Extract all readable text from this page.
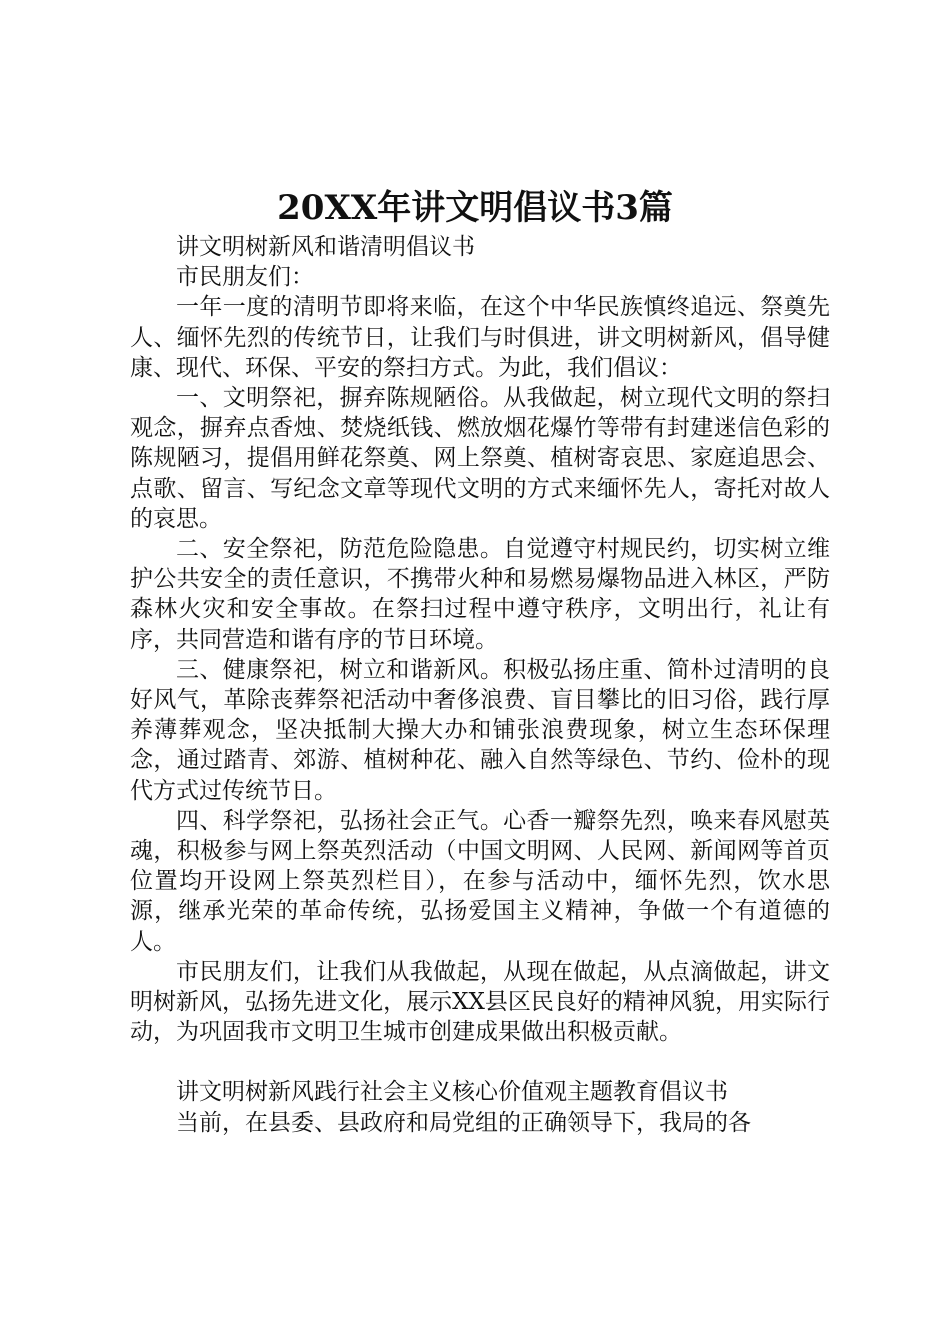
20XX年讲文明倡议书3篇

讲文明树新风和谐清明倡议书

市民朋友们：

一年一度的清明节即将来临，在这个中华民族慎终追远、祭奠先人、缅怀先烈的传统节日，让我们与时俱进，讲文明树新风，倡导健康、现代、环保、平安的祭扫方式。为此，我们倡议：

一、文明祭祀，摒弃陈规陋俗。从我做起，树立现代文明的祭扫观念，摒弃点香烛、焚烧纸钱、燃放烟花爆竹等带有封建迷信色彩的陈规陋习，提倡用鲜花祭奠、网上祭奠、植树寄哀思、家庭追思会、点歌、留言、写纪念文章等现代文明的方式来缅怀先人，寄托对故人的哀思。

二、安全祭祀，防范危险隐患。自觉遵守村规民约，切实树立维护公共安全的责任意识，不携带火种和易燃易爆物品进入林区，严防森林火灾和安全事故。在祭扫过程中遵守秩序，文明出行，礼让有序，共同营造和谐有序的节日环境。

三、健康祭祀，树立和谐新风。积极弘扬庄重、简朴过清明的良好风气，革除丧葬祭祀活动中奢侈浪费、盲目攀比的旧习俗，践行厚养薄葬观念，坚决抵制大操大办和铺张浪费现象，树立生态环保理念，通过踏青、郊游、植树种花、融入自然等绿色、节约、俭朴的现代方式过传统节日。

四、科学祭祀，弘扬社会正气。心香一瓣祭先烈，唤来春风慰英魂，积极参与网上祭英烈活动（中国文明网、人民网、新闻网等首页位置均开设网上祭英烈栏目），在参与活动中，缅怀先烈，饮水思源，继承光荣的革命传统，弘扬爱国主义精神，争做一个有道德的人。

市民朋友们，让我们从我做起，从现在做起，从点滴做起，讲文明树新风，弘扬先进文化，展示XX县区民良好的精神风貌，用实际行动，为巩固我市文明卫生城市创建成果做出积极贡献。

讲文明树新风践行社会主义核心价值观主题教育倡议书

当前，在县委、县政府和局党组的正确领导下，我局的各
